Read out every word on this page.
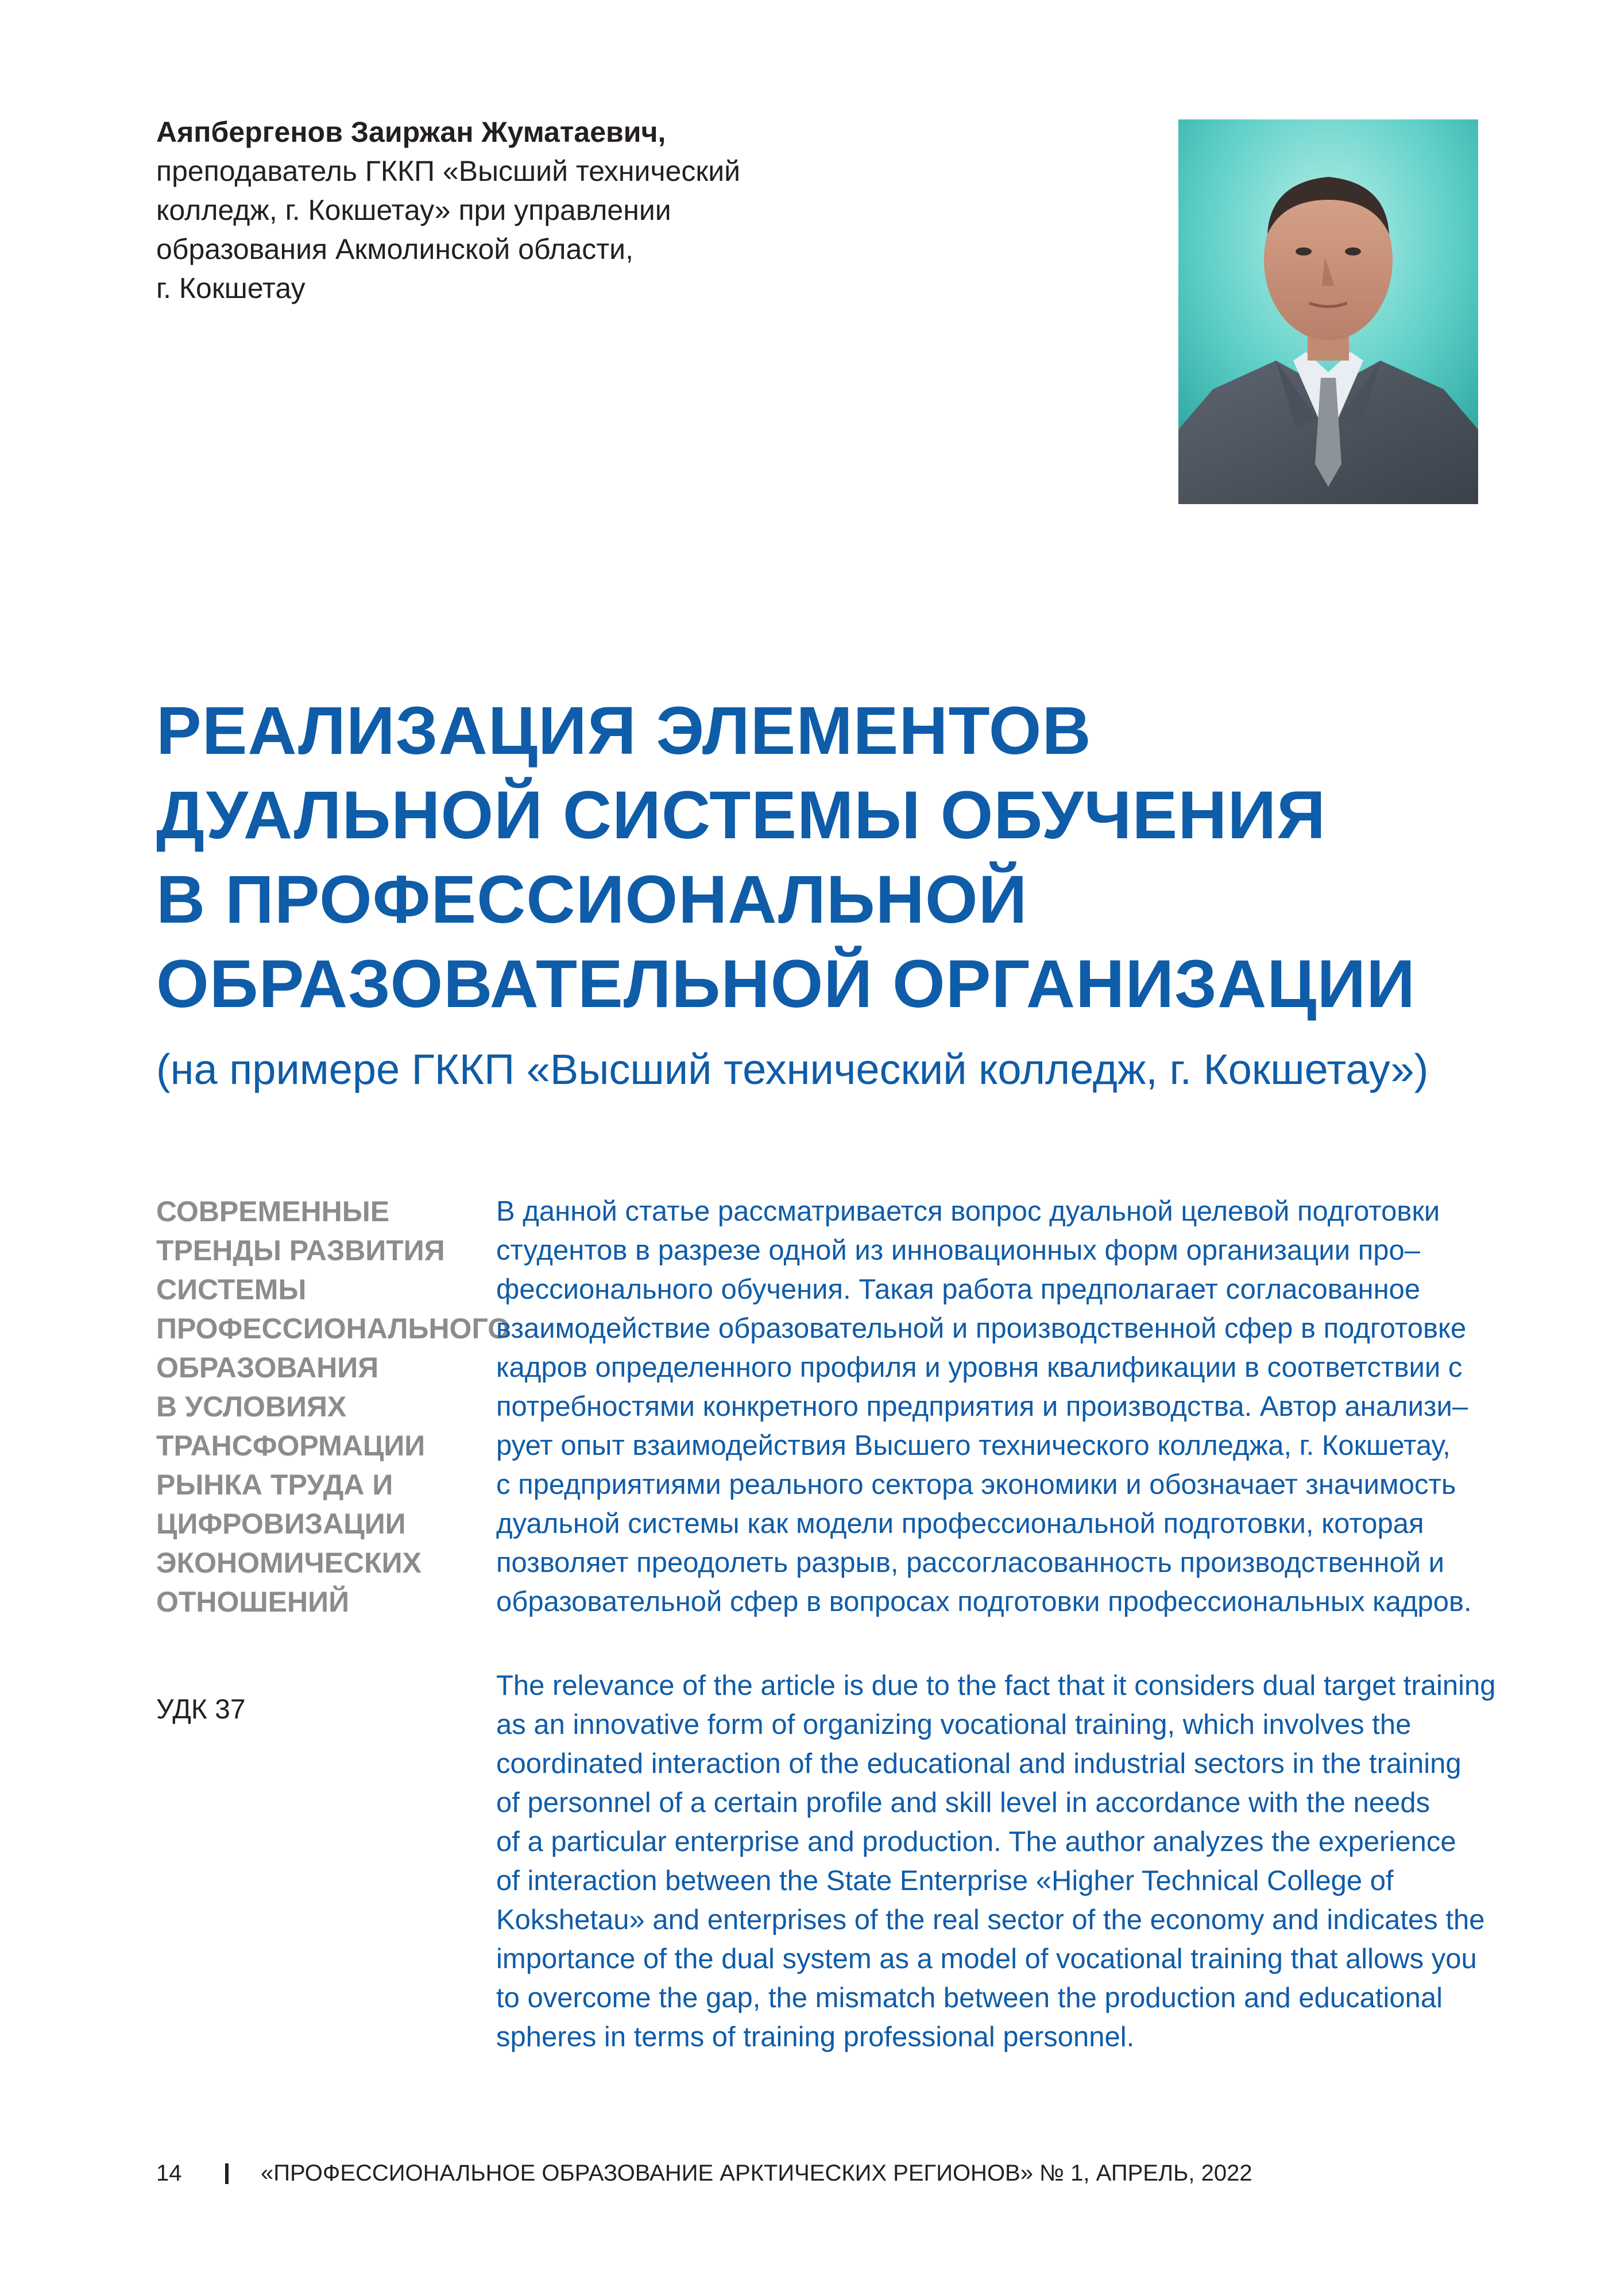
Аяпбергенов Заиржан Жуматаевич,

преподаватель ГККП «Высший технический
колледж, г. Кокшетау» при управлении
образования Акмолинской области,
г. Кокшетау
РЕАЛИЗАЦИЯ ЭЛЕМЕНТОВ
ДУАЛЬНОЙ СИСТЕМЫ ОБУЧЕНИЯ
В ПРОФЕССИОНАЛЬНОЙ
ОБРАЗОВАТЕЛЬНОЙ ОРГАНИЗАЦИИ

(на примере ГККП «Высший технический колледж, г. Кокшетау»)

СОВРЕМЕННЫЕ
ТРЕНДЫ РАЗВИТИЯ
СИСТЕМЫ
ПРОФЕССИОНАЛЬНОГО
ОБРАЗОВАНИЯ
В УСЛОВИЯХ
ТРАНСФОРМАЦИИ
РЫНКА ТРУДА И
ЦИФРОВИЗАЦИИ
ЭКОНОМИЧЕСКИХ
ОТНОШЕНИЙ

УДК 37

В данной статье рассматривается вопрос дуальной целевой подготовки
студентов в разрезе одной из инновационных форм организации про–
фессионального обучения. Такая работа предполагает согласованное
взаимодействие образовательной и производственной сфер в подготовке
кадров определенного профиля и уровня квалификации в соответствии с
потребностями конкретного предприятия и производства. Автор анализи–
рует опыт взаимодействия Высшего технического колледжа, г. Кокшетау,
с предприятиями реального сектора экономики и обозначает значимость
дуальной системы как модели профессиональной подготовки, которая
позволяет преодолеть разрыв, рассогласованность производственной и
образовательной сфер в вопросах подготовки профессиональных кадров.
The relevance of the article is due to the fact that it considers dual target training
as an innovative form of organizing vocational training, which involves the
coordinated interaction of the educational and industrial sectors in the training
of personnel of a certain profile and skill level in accordance with the needs
of a particular enterprise and production. The author analyzes the experience
of interaction between the State Enterprise «Higher Technical College of
Kokshetau» and enterprises of the real sector of the economy and indicates the
importance of the dual system as a model of vocational training that allows you
to overcome the gap, the mismatch between the production and educational
spheres in terms of training professional personnel.
14	«ПРОФЕССИОНАЛЬНОЕ ОБРАЗОВАНИЕ АРКТИЧЕСКИХ РЕГИОНОВ» № 1, АПРЕЛЬ, 2022
